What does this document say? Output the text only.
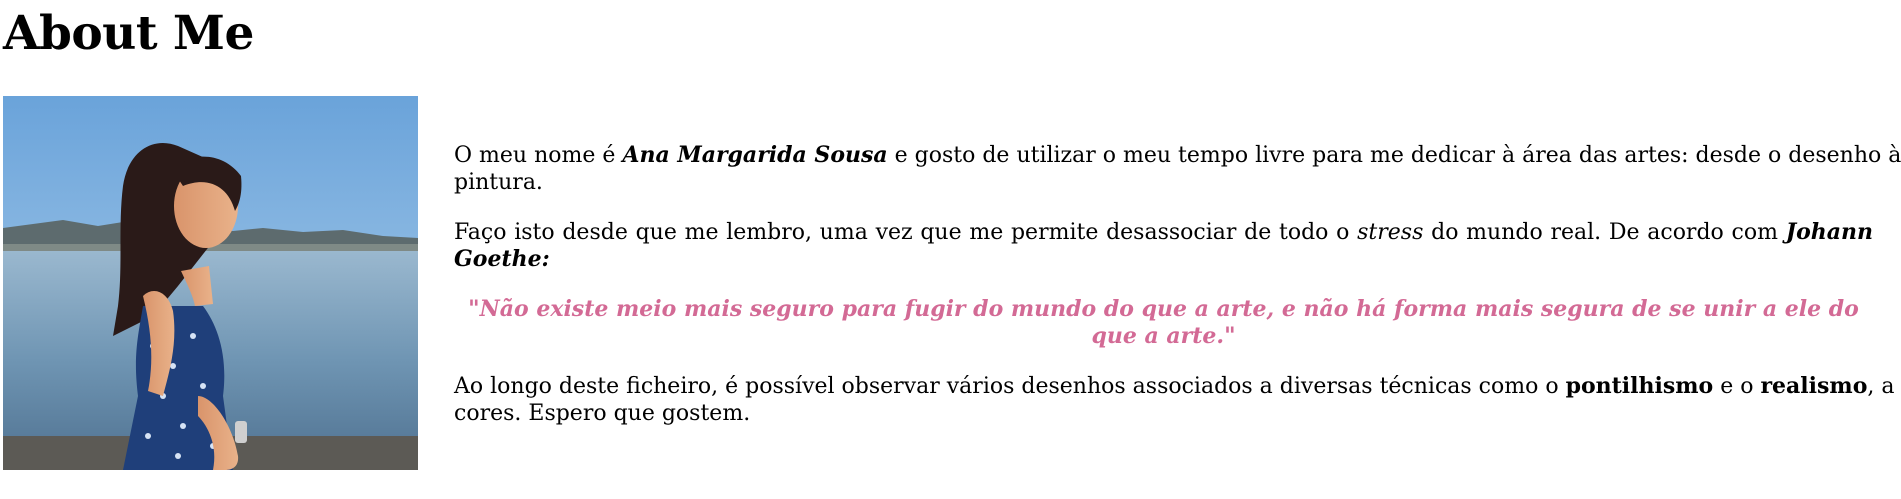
About Me
O meu nome é Ana Margarida Sousa e gosto de utilizar o meu tempo livre para me dedicar à área das artes: desde o desenho à
pintura.
Faço isto desde que me lembro, uma vez que me permite desassociar de todo o stress do mundo real. De acordo com Johann
Goethe:
"Não existe meio mais seguro para fugir do mundo do que a arte, e não há forma mais segura de se unir a ele do
que a arte."
Ao longo deste ficheiro, é possível observar vários desenhos associados a diversas técnicas como o pontilhismo e o realismo, a
cores. Espero que gostem.
